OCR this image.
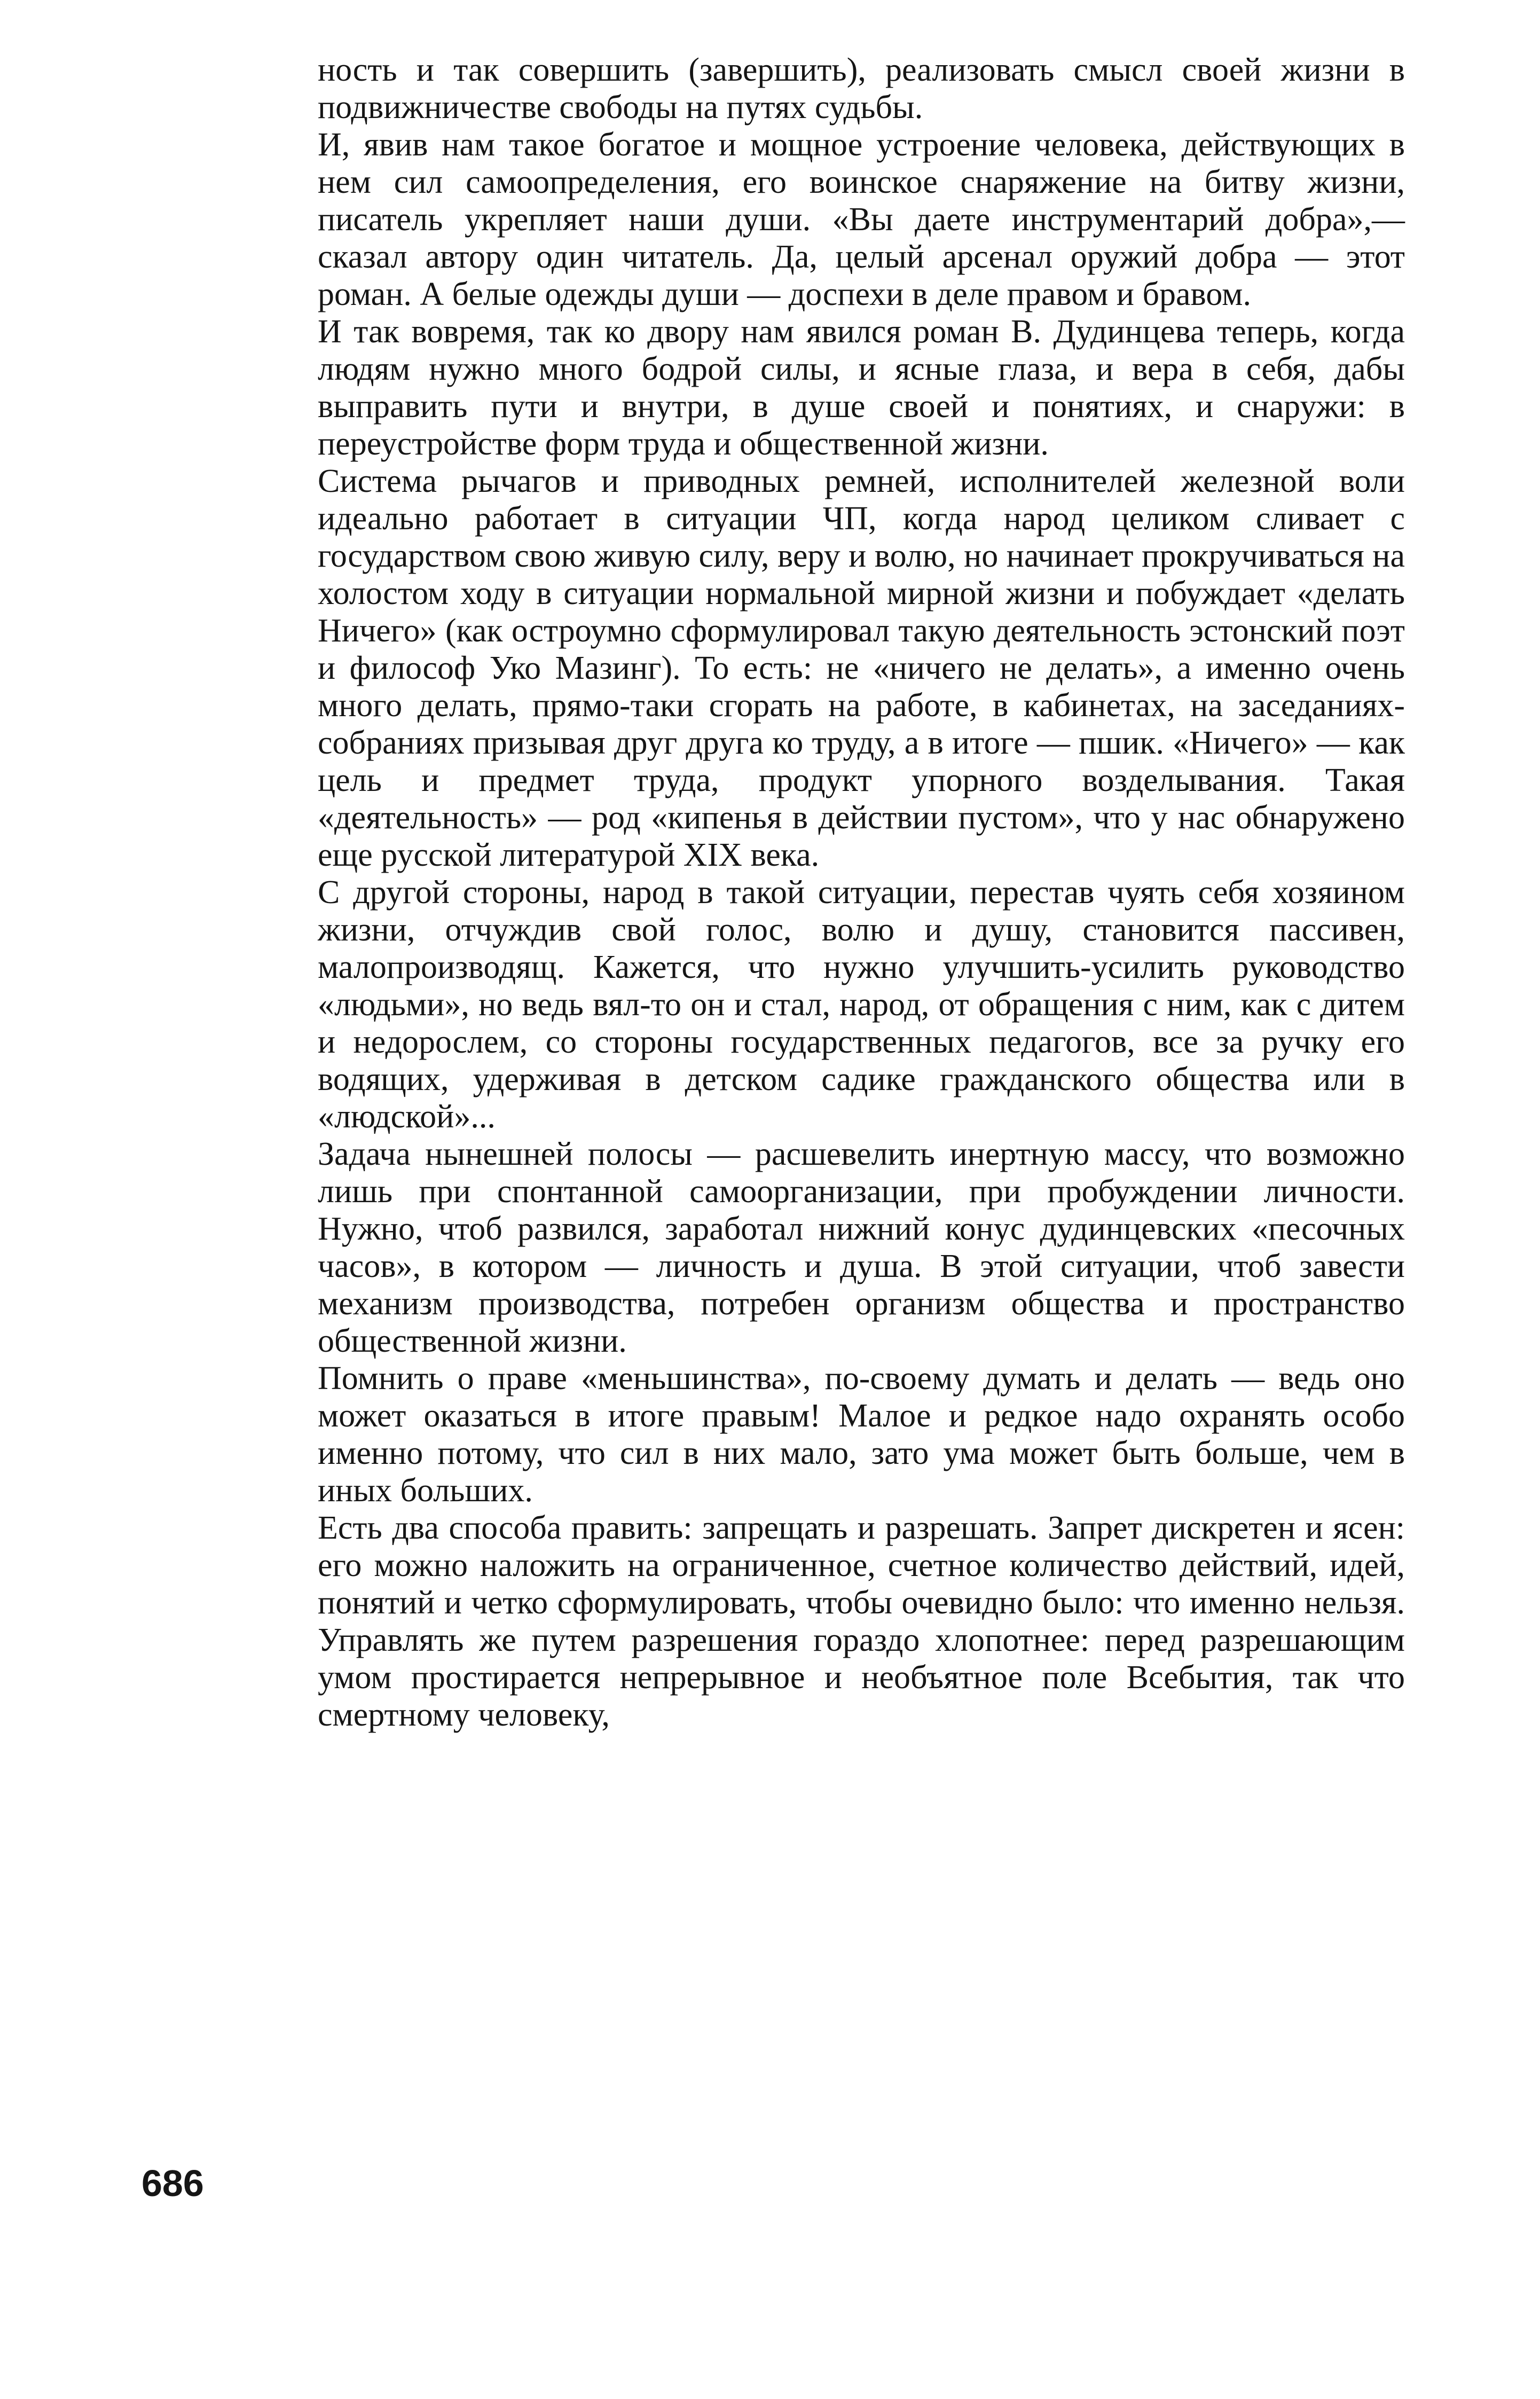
ность и так совершить (завершить), реализовать смысл своей жизни в подвижничестве свободы на путях судьбы.

И, явив нам такое богатое и мощное устроение человека, действующих в нем сил самоопределения, его воинское снаряжение на битву жизни, писатель укрепляет наши души. «Вы даете инструментарий добра»,— сказал автору один читатель. Да, целый арсенал оружий добра — этот роман. А белые одежды души — доспехи в деле правом и бравом.

И так вовремя, так ко двору нам явился роман В. Дудинцева теперь, когда людям нужно много бодрой силы, и ясные глаза, и вера в себя, дабы выправить пути и внутри, в душе своей и понятиях, и снаружи: в переустройстве форм труда и общественной жизни.

Система рычагов и приводных ремней, исполнителей железной воли идеально работает в ситуации ЧП, когда народ целиком сливает с государством свою живую силу, веру и волю, но начинает прокручиваться на холостом ходу в ситуации нормальной мирной жизни и побуждает «делать Ничего» (как остроумно сформулировал такую деятельность эстонский поэт и философ Уко Мазинг). То есть: не «ничего не делать», а именно очень много делать, прямо-таки сгорать на работе, в кабинетах, на заседаниях-собраниях призывая друг друга ко труду, а в итоге — пшик. «Ничего» — как цель и предмет труда, продукт упорного возделывания. Такая «деятельность» — род «кипенья в действии пустом», что у нас обнаружено еще русской литературой XIX века.

С другой стороны, народ в такой ситуации, перестав чуять себя хозяином жизни, отчуждив свой голос, волю и душу, становится пассивен, малопроизводящ. Кажется, что нужно улучшить-усилить руководство «людьми», но ведь вял-то он и стал, народ, от обращения с ним, как с дитем и недорослем, со стороны государственных педагогов, все за ручку его водящих, удерживая в детском садике гражданского общества или в «людской»...

Задача нынешней полосы — расшевелить инертную массу, что возможно лишь при спонтанной самоорганизации, при пробуждении личности. Нужно, чтоб развился, заработал нижний конус дудинцевских «песочных часов», в котором — личность и душа. В этой ситуации, чтоб завести механизм производства, потребен организм общества и пространство общественной жизни.

Помнить о праве «меньшинства», по-своему думать и делать — ведь оно может оказаться в итоге правым! Малое и редкое надо охранять особо именно потому, что сил в них мало, зато ума может быть больше, чем в иных больших.

Есть два способа править: запрещать и разрешать. Запрет дискретен и ясен: его можно наложить на ограниченное, счетное количество действий, идей, понятий и четко сформулировать, чтобы очевидно было: что именно нельзя. Управлять же путем разрешения гораздо хлопотнее: перед разрешающим умом простирается непрерывное и необъятное поле Всебытия, так что смертному человеку,

686
